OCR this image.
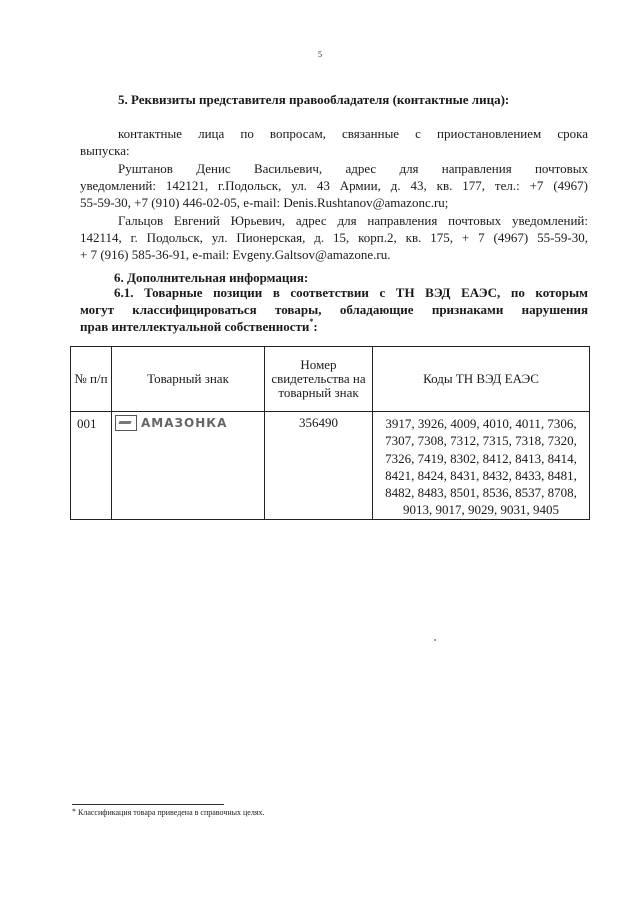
5
5. Реквизиты представителя правообладателя (контактные лица):
контактные лица по вопросам, связанные с приостановлением срока
выпуска:
Руштанов Денис Васильевич, адрес для направления почтовых
уведомлений: 142121, г.Подольск, ул. 43 Армии, д. 43, кв. 177, тел.: +7 (4967)
55-59-30, +7 (910) 446-02-05, e-mail: Denis.Rushtanov@amazonc.ru;
Гальцов Евгений Юрьевич, адрес для направления почтовых уведомлений:
142114, г. Подольск, ул. Пионерская, д. 15, корп.2, кв. 175, + 7 (4967) 55-59-30,
+ 7 (916) 585-36-91, e-mail: Evgeny.Galtsov@amazone.ru.
6. Дополнительная информация:
6.1. Товарные позиции в соответствии с ТН ВЭД ЕАЭС, по которым
могут классифицироваться товары, обладающие признаками нарушения
прав интеллектуальной собственности*:
№ п/п	Товарный знак	Номер свидетельства на товарный знак	Коды ТН ВЭД ЕАЭС
001	АМАЗОНКА	356490	3917, 3926, 4009, 4010, 4011, 7306, 7307, 7308, 7312, 7315, 7318, 7320, 7326, 7419, 8302, 8412, 8413, 8414, 8421, 8424, 8431, 8432, 8433, 8481, 8482, 8483, 8501, 8536, 8537, 8708, 9013, 9017, 9029, 9031, 9405
* Классификация товара приведена в справочных целях.
